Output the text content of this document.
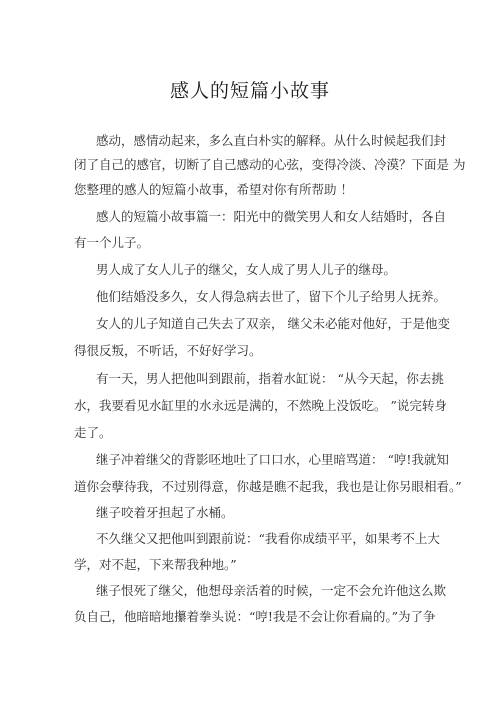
感人的短篇小故事
感动，感情动起来，多么直白朴实的解释。从什么时候起我们封
闭了自己的感官，切断了自己感动的心弦，变得冷淡、冷漠？下面是 为
您整理的感人的短篇小故事，希望对你有所帮助 ！
感人的短篇小故事篇一：阳光中的微笑男人和女人结婚时，各自
有一个儿子。
男人成了女人儿子的继父，女人成了男人儿子的继母。
他们结婚没多久，女人得急病去世了，留下个儿子给男人抚养。
女人的儿子知道自己失去了双亲， 继父未必能对他好，于是他变
得很反叛，不听话，不好好学习。
有一天，男人把他叫到跟前，指着水缸说： “从今天起，你去挑
水，我要看见水缸里的水永远是满的，不然晚上没饭吃。 ”说完转身
走了。
继子冲着继父的背影呸地吐了口口水，心里暗骂道： “哼!我就知
道你会孽待我，不过别得意，你越是瞧不起我，我也是让你另眼相看。”
继子咬着牙担起了水桶。
不久继父又把他叫到跟前说：“我看你成绩平平，如果考不上大
学，对不起，下来帮我种地。”
继子恨死了继父，他想母亲活着的时候，一定不会允许他这么欺
负自己，他暗暗地攥着拳头说：“哼!我是不会让你看扁的。”为了争
